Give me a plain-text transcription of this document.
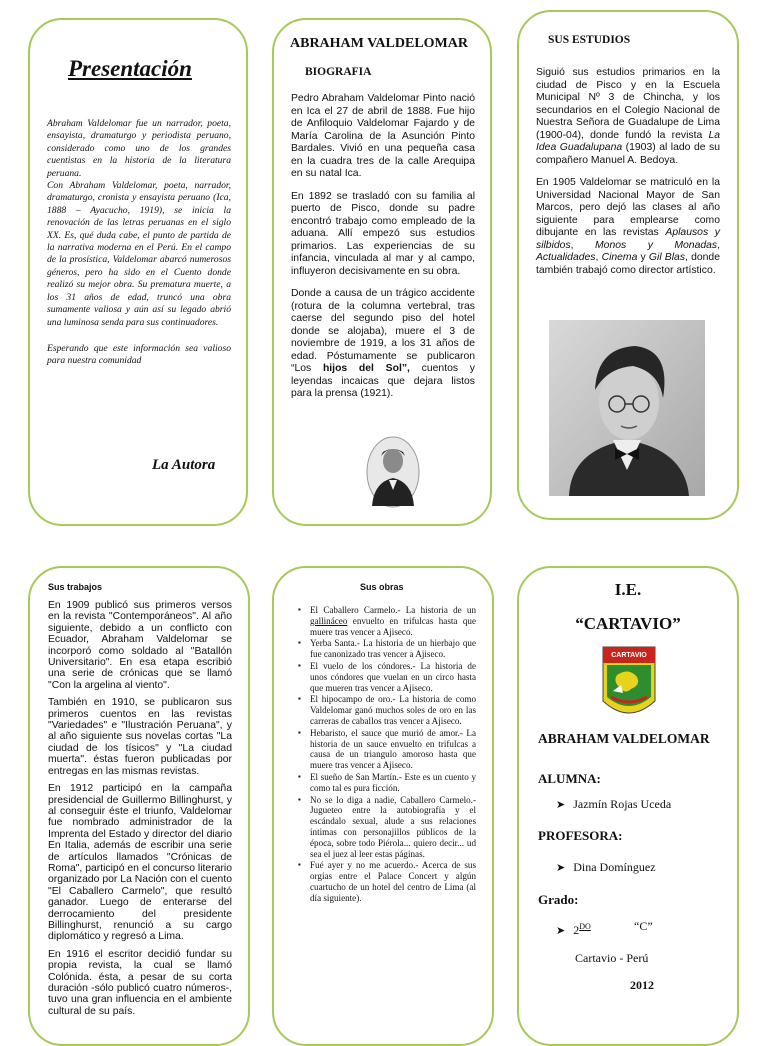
Presentación

Abraham Valdelomar fue un narrador, poeta, ensayista, dramaturgo y periodista peruano, considerado como uno de los grandes cuentistas en la historia de la literatura peruana.

Con Abraham Valdelomar, poeta, narrador, dramaturgo, cronista y ensayista peruano (Ica, 1888 – Ayacucho, 1919), se inicia la renovación de las letras peruanas en el siglo XX. Es, qué duda cabe, el punto de partida de la narrativa moderna en el Perú. En el campo de la prosística, Valdelomar abarcó numerosos géneros, pero ha sido en el Cuento donde realizó su mejor obra. Su prematura muerte, a los 31 años de edad, truncó una obra sumamente valiosa y aún así su legado abrió una luminosa senda para sus continuadores.

Esperando que este información sea valioso para nuestra comunidad

La Autora
ABRAHAM VALDELOMAR
BIOGRAFIA

Pedro Abraham Valdelomar Pinto nació en Ica el 27 de abril de 1888. Fue hijo de Anfiloquio Valdelomar Fajardo y de María Carolina de la Asunción Pinto Bardales. Vivió en una pequeña casa en la cuadra tres de la calle Arequipa en su natal Ica.

En 1892 se trasladó con su familia al puerto de Pisco, donde su padre encontró trabajo como empleado de la aduana. Allí empezó sus estudios primarios. Las experiencias de su infancia, vinculada al mar y al campo, influyeron decisivamente en su obra.

Donde a causa de un trágico accidente (rotura de la columna vertebral, tras caerse del segundo piso del hotel donde se alojaba), muere el 3 de noviembre de 1919, a los 31 años de edad. Póstumamente se publicaron “Los hijos del Sol”, cuentos y leyendas incaicas que dejara listos para la prensa (1921).

SUS ESTUDIOS

Siguió sus estudios primarios en la ciudad de Pisco y en la Escuela Municipal Nº 3 de Chincha, y los secundarios en el Colegio Nacional de Nuestra Señora de Guadalupe de Lima (1900-04), donde fundó la revista La Idea Guadalupana (1903) al lado de su compañero Manuel A. Bedoya.

En 1905 Valdelomar se matriculó en la Universidad Nacional Mayor de San Marcos, pero dejó las clases al año siguiente para emplearse como dibujante en las revistas Aplausos y silbidos, Monos y Monadas, Actualidades, Cinema y Gil Blas, donde también trabajó como director artístico.

Sus trabajos

En 1909 publicó sus primeros versos en la revista "Contemporáneos". Al año siguiente, debido a un conflicto con Ecuador, Abraham Valdelomar se incorporó como soldado al "Batallón Universitario". En esa etapa escribió una serie de crónicas que se llamó "Con la argelina al viento".

También en 1910, se publicaron sus primeros cuentos en las revistas "Variedades" e "Ilustración Peruana", y al año siguiente sus novelas cortas "La ciudad de los tísicos" y "La ciudad muerta". éstas fueron publicadas por entregas en las mismas revistas.

En 1912 participó en la campaña presidencial de Guillermo Billinghurst, y al conseguir éste el triunfo, Valdelomar fue nombrado administrador de la Imprenta del Estado y director del diario En Italia, además de escribir una serie de artículos llamados "Crónicas de Roma", participó en el concurso literario organizado por La Nación con el cuento "El Caballero Carmelo", que resultó ganador. Luego de enterarse del derrocamiento del presidente Billinghurst, renunció a su cargo diplomático y regresó a Lima.

En 1916 el escritor decidió fundar su propia revista, la cual se llamó Colónida. ésta, a pesar de su corta duración -sólo publicó cuatro números-, tuvo una gran influencia en el ambiente cultural de su país.

Sus obras
▪ El Caballero Carmelo.- La historia de un gallináceo envuelto en trifulcas hasta que muere tras vencer a Ajiseco.
▪ Yerba Santa.- La historia de un hierbajo que fue canonizado tras vencer a Ajiseco.
▪ El vuelo de los cóndores.- La historia de unos cóndores que vuelan en un circo hasta que mueren tras vencer a Ajiseco.
▪ El hipocampo de oro.- La historia de como Valdelomar ganó muchos soles de oro en las carreras de caballos tras vencer a Ajiseco.
▪ Hebaristo, el sauce que murió de amor.- La historia de un sauce envuelto en trifulcas a causa de un triangulo amoroso hasta que muere tras vencer a Ajiseco.
▪ El sueño de San Martín.- Este es un cuento y como tal es pura ficción.
▪ No se lo diga a nadie, Caballero Carmelo.- Jugueteo entre la autobiografía y el escándalo sexual, alude a sus relaciones íntimas con personajillos públicos de la época, sobre todo Piérola... quiero decir... ud sea el juez al leer estas páginas.
▪ Fué ayer y no me acuerdo.- Acerca de sus orgías entre el Palace Concert y algún cuartucho de un hotel del centro de Lima (al día siguiente).
I.E.
“CARTAVIO”
CARTAVIO
ABRAHAM VALDELOMAR
ALUMNA:
➤ Jazmín Rojas Uceda
PROFESORA:
➤ Dina Domínguez
Grado:
➤ $2^{DO}$	“C”
Cartavio - Perú
2012
